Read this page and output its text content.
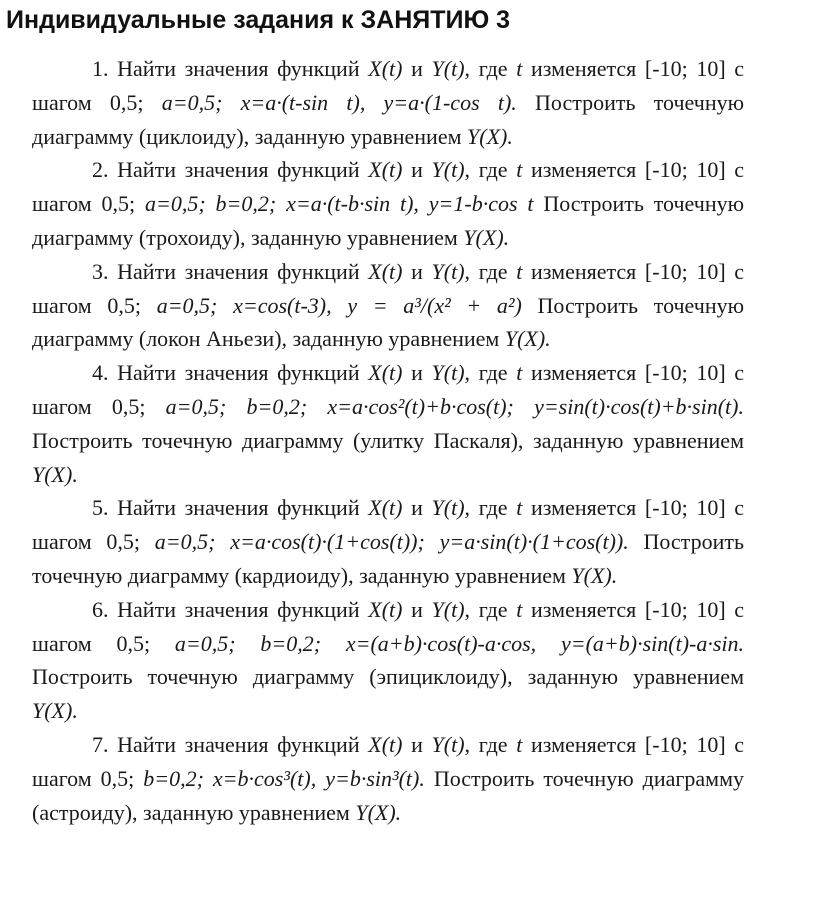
Индивидуальные задания к ЗАНЯТИЮ 3

1. Найти значения функций X(t) и Y(t), где t изменяется [-10; 10] с шагом 0,5; a=0,5; x=a·(t-sin t), y=a·(1-cos t). Построить точечную диаграмму (циклоиду), заданную уравнением Y(X).

2. Найти значения функций X(t) и Y(t), где t изменяется [-10; 10] с шагом 0,5; a=0,5; b=0,2; x=a·(t-b·sin t), y=1-b·cos t Построить точечную диаграмму (трохоиду), заданную уравнением Y(X).

3. Найти значения функций X(t) и Y(t), где t изменяется [-10; 10] с шагом 0,5; a=0,5; x=cos(t-3), y = a³/(x² + a²) Построить точечную диаграмму (локон Аньези), заданную уравнением Y(X).

4. Найти значения функций X(t) и Y(t), где t изменяется [-10; 10] с шагом 0,5; a=0,5; b=0,2; x=a·cos²(t)+b·cos(t); y=sin(t)·cos(t)+b·sin(t). Построить точечную диаграмму (улитку Паскаля), заданную уравнением Y(X).

5. Найти значения функций X(t) и Y(t), где t изменяется [-10; 10] с шагом 0,5; a=0,5; x=a·cos(t)·(1+cos(t)); y=a·sin(t)·(1+cos(t)). Построить точечную диаграмму (кардиоиду), заданную уравнением Y(X).

6. Найти значения функций X(t) и Y(t), где t изменяется [-10; 10] с шагом 0,5; a=0,5; b=0,2; x=(a+b)·cos(t)-a·cos, y=(a+b)·sin(t)-a·sin. Построить точечную диаграмму (эпициклоиду), заданную уравнением Y(X).

7. Найти значения функций X(t) и Y(t), где t изменяется [-10; 10] с шагом 0,5; b=0,2; x=b·cos³(t), y=b·sin³(t). Построить точечную диаграмму (астроиду), заданную уравнением Y(X).
